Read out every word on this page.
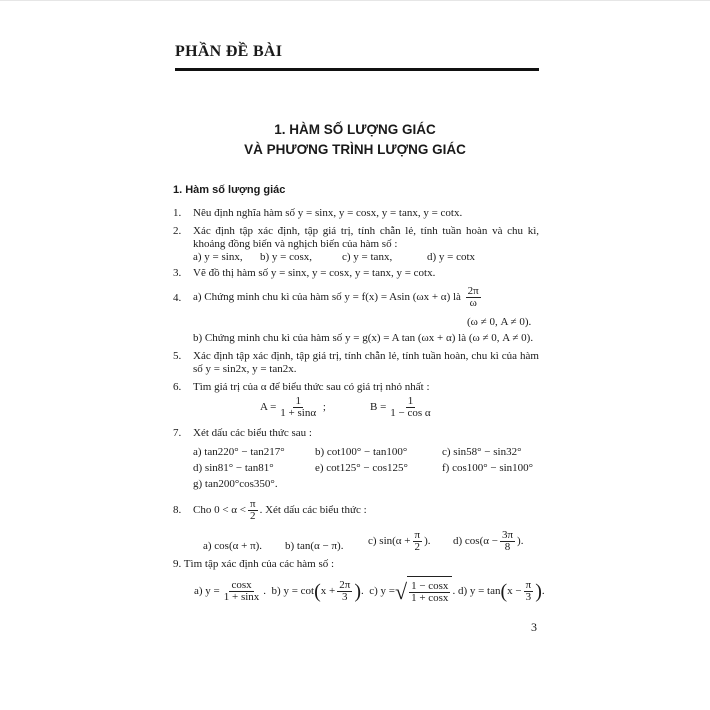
PHẦN ĐỀ BÀI
1. HÀM SỐ LƯỢNG GIÁC
VÀ PHƯƠNG TRÌNH LƯỢNG GIÁC
1. Hàm số lượng giác
1. Nêu định nghĩa hàm số y = sinx, y = cosx, y = tanx, y = cotx.
2. Xác định tập xác định, tập giá trị, tính chẵn lẻ, tính tuần hoàn và chu kì,
khoảng đồng biến và nghịch biến của hàm số :
a) y = sinx, b) y = cosx,	c) y = tanx,	d) y = cotx
3. Vẽ đồ thị hàm số y = sinx, y = cosx, y = tanx, y = cotx.
4. a) Chứng minh chu kì của hàm số y = f(x) = Asin (ωx + α) là $\frac{2\pi}{\omega}$
(ω ≠ 0, A ≠ 0).
b) Chứng minh chu kì của hàm số y = g(x) = A tan (ωx + α) là (ω ≠ 0, A ≠ 0).
5. Xác định tập xác định, tập giá trị, tính chẵn lẻ, tính tuần hoàn, chu kì của hàm
số y = sin2x, y = tan2x.
6. Tìm giá trị của α để biểu thức sau có giá trị nhỏ nhất :
$A = \frac{1}{1 + \sin\alpha}$ ;	$B = \frac{1}{\text{1 − cos α}}$
7. Xét dấu các biểu thức sau :
a) tan220° − tan217°	b) cot100° − tan100°	c) sin58° − sin32°
d) sin81° − tan81°	e) cot125° − cos125°	f) cos100° − sin100°
g) tan200°cos350°.
8. Cho $0 < \alpha < \frac{\pi}{2}$ . Xét dấu các biểu thức :
a) cos(α + π). b) tan(α − π). c) $\sin(\alpha + \frac{\pi}{2}$ ). d) $\cos(\alpha - \frac{3\pi}{8}$ ).
9. Tìm tập xác định của các hàm số :
a) $y = \frac{\cos x}{1 + \sin x}$ . b) $y = \cot(x + \frac{2\pi}{3}$ ). c) y = √ $\frac{1 - \cos x}{1 + \cos x}$ . d) $y = \tan(x - \frac{\pi}{3}$ ).
3
